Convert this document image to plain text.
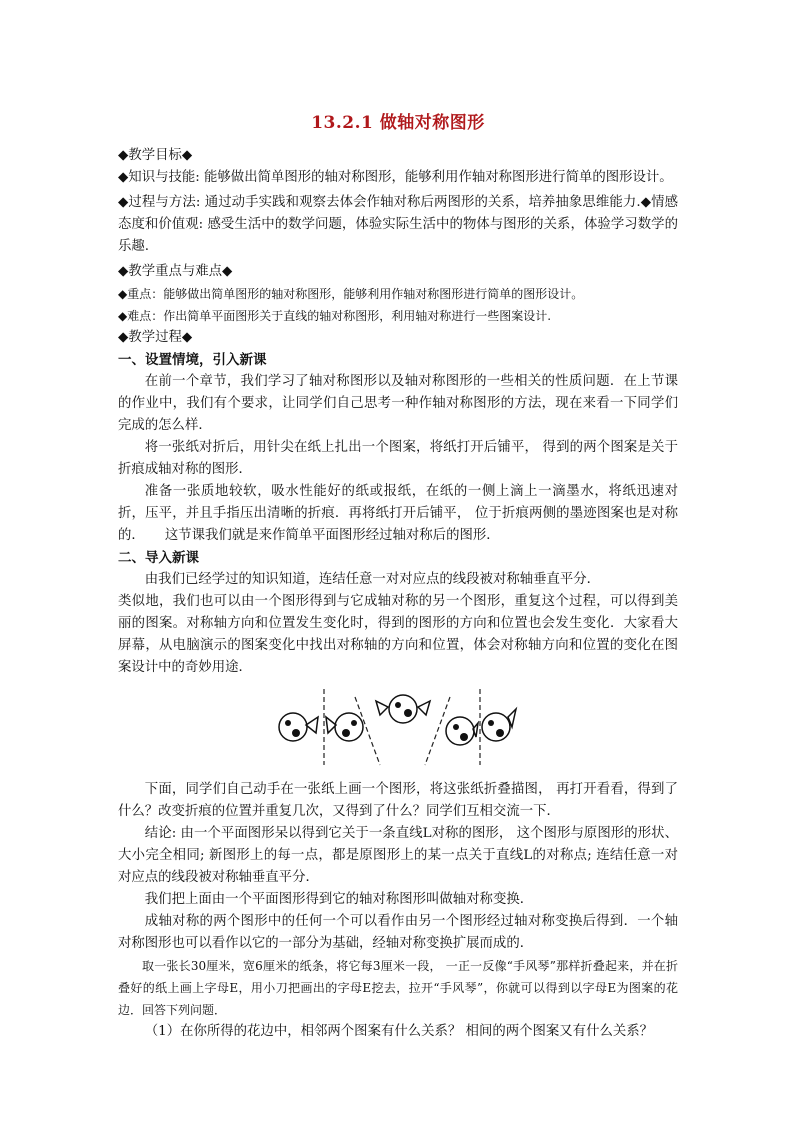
13.2.1 做轴对称图形

◆教学目标◆

◆知识与技能: 能够做出简单图形的轴对称图形，能够利用作轴对称图形进行简单的图形设计。

◆过程与方法: 通过动手实践和观察去体会作轴对称后两图形的关系，培养抽象思维能力.◆情感态度和价值观: 感受生活中的数学问题，体验实际生活中的物体与图形的关系，体验学习数学的乐趣.

◆教学重点与难点◆

◆重点：能够做出简单图形的轴对称图形，能够利用作轴对称图形进行简单的图形设计。

◆难点：作出简单平面图形关于直线的轴对称图形，利用轴对称进行一些图案设计.

◆教学过程◆

一、设置情境，引入新课

在前一个章节，我们学习了轴对称图形以及轴对称图形的一些相关的性质问题．在上节课的作业中，我们有个要求，让同学们自己思考一种作轴对称图形的方法，现在来看一下同学们完成的怎么样．

将一张纸对折后，用针尖在纸上扎出一个图案，将纸打开后铺平， 得到的两个图案是关于折痕成轴对称的图形．

准备一张质地较软，吸水性能好的纸或报纸，在纸的一侧上滴上一滴墨水，将纸迅速对折，压平，并且手指压出清晰的折痕．再将纸打开后铺平， 位于折痕两侧的墨迹图案也是对称的．　　这节课我们就是来作简单平面图形经过轴对称后的图形．

二、导入新课

由我们已经学过的知识知道，连结任意一对对应点的线段被对称轴垂直平分．

类似地，我们也可以由一个图形得到与它成轴对称的另一个图形，重复这个过程，可以得到美丽的图案。对称轴方向和位置发生变化时，得到的图形的方向和位置也会发生变化．大家看大屏幕，从电脑演示的图案变化中找出对称轴的方向和位置，体会对称轴方向和位置的变化在图案设计中的奇妙用途．

下面，同学们自己动手在一张纸上画一个图形，将这张纸折叠描图， 再打开看看，得到了什么？改变折痕的位置并重复几次，又得到了什么？同学们互相交流一下．

结论: 由一个平面图形呆以得到它关于一条直线L对称的图形， 这个图形与原图形的形状、大小完全相同; 新图形上的每一点，都是原图形上的某一点关于直线L的对称点; 连结任意一对对应点的线段被对称轴垂直平分．

我们把上面由一个平面图形得到它的轴对称图形叫做轴对称变换．

成轴对称的两个图形中的任何一个可以看作由另一个图形经过轴对称变换后得到．一个轴对称图形也可以看作以它的一部分为基础，经轴对称变换扩展而成的．

取一张长30厘米，宽6厘米的纸条，将它每3厘米一段， 一正一反像“手风琴”那样折叠起来，并在折叠好的纸上画上字母E，用小刀把画出的字母E挖去，拉开“手风琴”，你就可以得到以字母E为图案的花边．回答下列问题．

（1）在你所得的花边中，相邻两个图案有什么关系？ 相间的两个图案又有什么关系？
